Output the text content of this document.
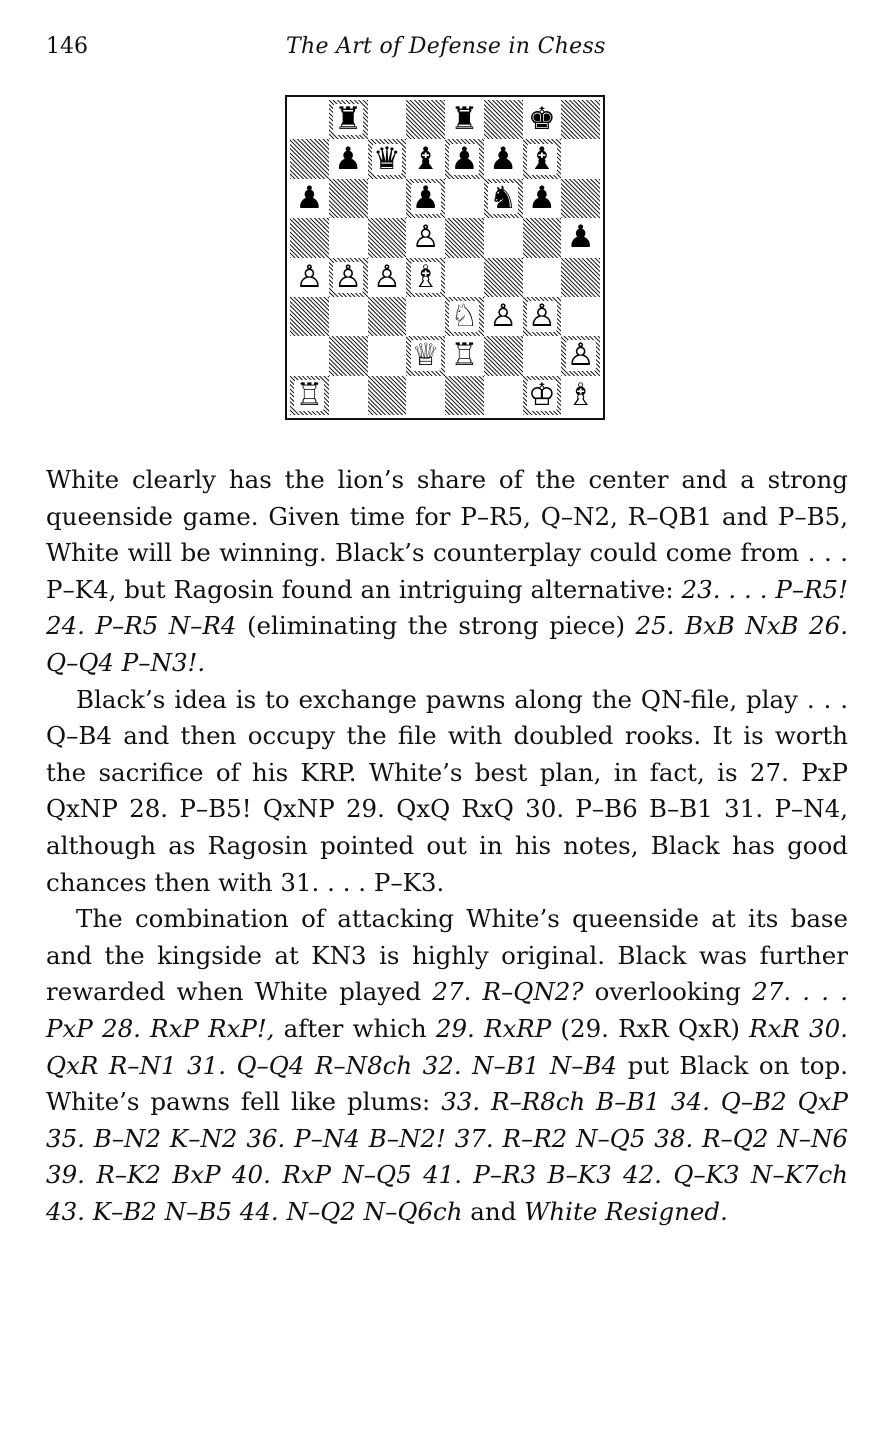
146	The Art of Defense in Chess
♜	♜ ♚
♟ ♛ ♝ ♟ ♟ ♝
♟	♟ ♞ ♟
♙	♟
♙ ♙ ♙ ♗
♘ ♙ ♙
♕ ♖	♙
♖	♔ ♗

White clearly has the lion’s share of the center and a strong queenside game. Given time for P–R5, Q–N2, R–QB1 and P–B5, White will be winning. Black’s counterplay could come from . . . P–K4, but Ragosin found an intriguing alternative: 23. . . . P–R5! 24. P–R5 N–R4 (eliminating the strong piece) 25. BxB NxB 26. Q–Q4 P–N3!.

Black’s idea is to exchange pawns along the QN-file, play . . . Q–B4 and then occupy the file with doubled rooks. It is worth the sacrifice of his KRP. White’s best plan, in fact, is 27. PxP QxNP 28. P–B5! QxNP 29. QxQ RxQ 30. P–B6 B–B1 31. P–N4, although as Ragosin pointed out in his notes, Black has good chances then with 31. . . . P–K3.

The combination of attacking White’s queenside at its base and the kingside at KN3 is highly original. Black was further rewarded when White played 27. R–QN2? overlooking 27. . . . PxP 28. RxP RxP!, after which 29. RxRP (29. RxR QxR) RxR 30. QxR R–N1 31. Q–Q4 R–N8ch 32. N–B1 N–B4 put Black on top. White’s pawns fell like plums: 33. R–R8ch B–B1 34. Q–B2 QxP 35. B–N2 K–N2 36. P–N4 B–N2! 37. R–R2 N–Q5 38. R–Q2 N–N6 39. R–K2 BxP 40. RxP N–Q5 41. P–R3 B–K3 42. Q–K3 N–K7ch 43. K–B2 N–B5 44. N–Q2 N–Q6ch and White Resigned.
